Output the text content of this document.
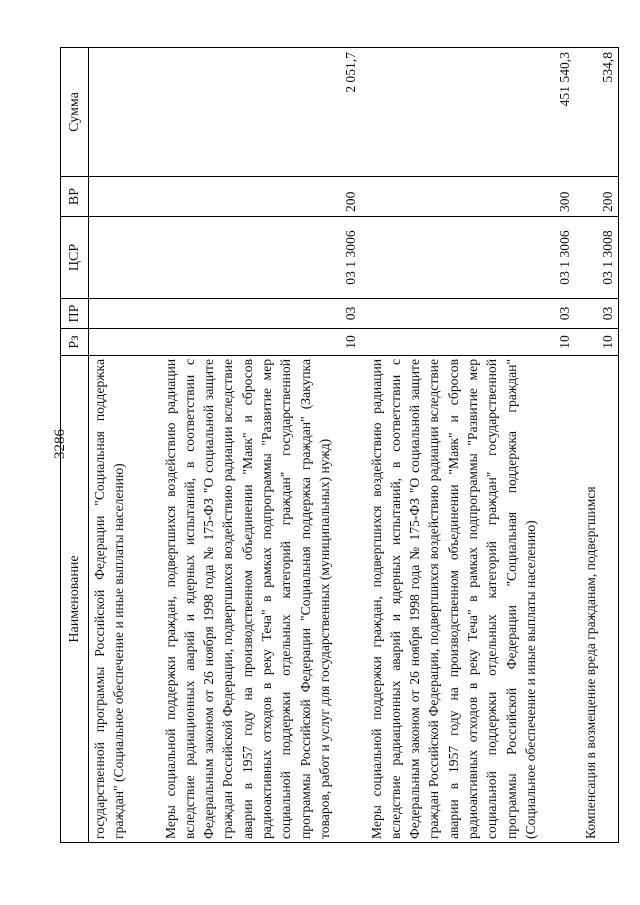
3286
Наименование	Рз	ПР	ЦСР	ВР	Сумма

государственной программы Российской Федерации "Социальная поддержка граждан" (Социальное обеспечение и иные выплаты населению)					

Меры социальной поддержки граждан, подвергшихся воздействию радиации вследствие радиационных аварий и ядерных испытаний, в соответствии с Федеральным законом от 26 ноября 1998 года № 175-ФЗ "О социальной защите граждан Российской Федерации, подвергшихся воздействию радиации вследствие аварии в 1957 году на производственном объединении "Маяк" и сбросов радиоактивных отходов в реку Теча" в рамках подпрограммы "Развитие мер социальной поддержки отдельных категорий граждан" государственной программы Российской Федерации "Социальная поддержка граждан" (Закупка товаров, работ и услуг для государственных (муниципальных) нужд)	10	03	03 1 3006	200	2 051,7

Меры социальной поддержки граждан, подвергшихся воздействию радиации вследствие радиационных аварий и ядерных испытаний, в соответствии с Федеральным законом от 26 ноября 1998 года № 175-ФЗ "О социальной защите граждан Российской Федерации, подвергшихся воздействию радиации вследствие аварии в 1957 году на производственном объединении "Маяк" и сбросов радиоактивных отходов в реку Теча" в рамках подпрограммы "Развитие мер социальной поддержки отдельных категорий граждан" государственной программы Российской Федерации "Социальная поддержка граждан" (Социальное обеспечение и иные выплаты населению)	10	03	03 1 3006	300	451 540,3

Компенсация в возмещение вреда гражданам, подвергшимся	10	03	03 1 3008	200	534,8
